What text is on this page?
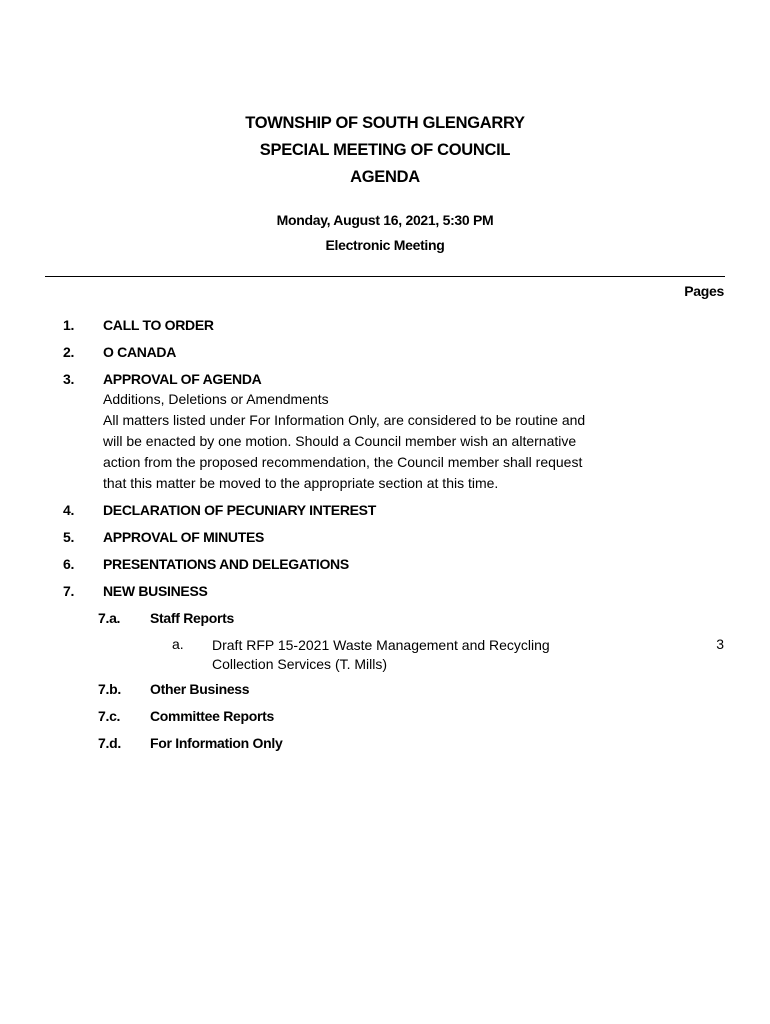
TOWNSHIP OF SOUTH GLENGARRY
SPECIAL MEETING OF COUNCIL
AGENDA
Monday, August 16, 2021, 5:30 PM
Electronic Meeting
Pages
1. CALL TO ORDER
2. O CANADA
3. APPROVAL OF AGENDA
Additions, Deletions or Amendments
All matters listed under For Information Only, are considered to be routine and
will be enacted by one motion. Should a Council member wish an alternative
action from the proposed recommendation, the Council member shall request
that this matter be moved to the appropriate section at this time.
4. DECLARATION OF PECUNIARY INTEREST
5. APPROVAL OF MINUTES
6. PRESENTATIONS AND DELEGATIONS
7. NEW BUSINESS
7.a. Staff Reports
a. Draft RFP 15-2021 Waste Management and Recycling
Collection Services (T. Mills)
3
7.b. Other Business
7.c. Committee Reports
7.d. For Information Only
